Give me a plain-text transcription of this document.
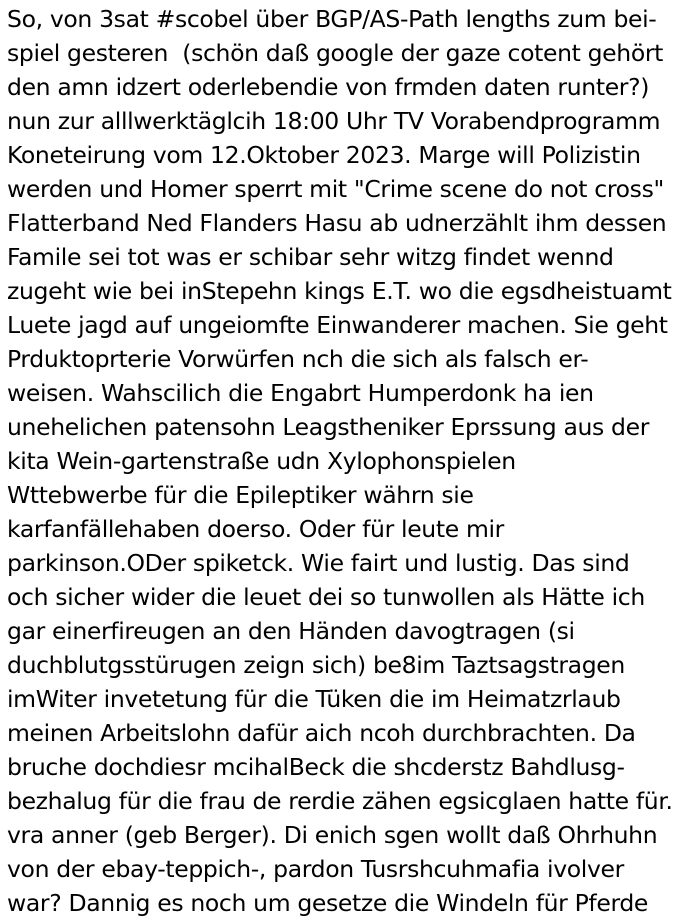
So, von 3sat #scobel über BGP/AS-Path lengths zum bei-
spiel gesteren  (schön daß google der gaze cotent gehört
den amn idzert oderlebendie von frmden daten runter?)
nun zur alllwerktäglcih 18:00 Uhr TV Vorabendprogramm
Koneteirung vom 12.Oktober 2023. Marge will Polizistin
werden und Homer sperrt mit "Crime scene do not cross"
Flatterband Ned Flanders Hasu ab udnerzählt ihm dessen
Famile sei tot was er schibar sehr witzg findet wennd
zugeht wie bei inStepehn kings E.T. wo die egsdheistuamt
Luete jagd auf ungeiomfte Einwanderer machen. Sie geht
Prduktoprterie Vorwürfen nch die sich als falsch er-
weisen. Wahscilich die Engabrt Humperdonk ha ien
unehelichen patensohn Leagstheniker Eprssung aus der
kita Wein-gartenstraße udn Xylophonspielen
Wttebwerbe für die Epileptiker währn sie
karfanfällehaben doerso. Oder für leute mir
parkinson.ODer spiketck. Wie fairt und lustig. Das sind
och sicher wider die leuet dei so tunwollen als Hätte ich
gar einerfireugen an den Händen davogtragen (si
duchblutgsstürugen zeign sich) be8im Taztsagstragen
imWiter invetetung für die Tüken die im Heimatzrlaub
meinen Arbeitslohn dafür aich ncoh durchbrachten. Da
bruche dochdiesr mcihalBeck die shcderstz Bahdlusg-
bezhalug für die frau de rerdie zähen egsicglaen hatte für.
vra anner (geb Berger). Di enich sgen wollt daß Ohrhuhn
von der ebay-teppich-, pardon Tusrshcuhmafia ivolver
war? Dannig es noch um gesetze die Windeln für Pferde
